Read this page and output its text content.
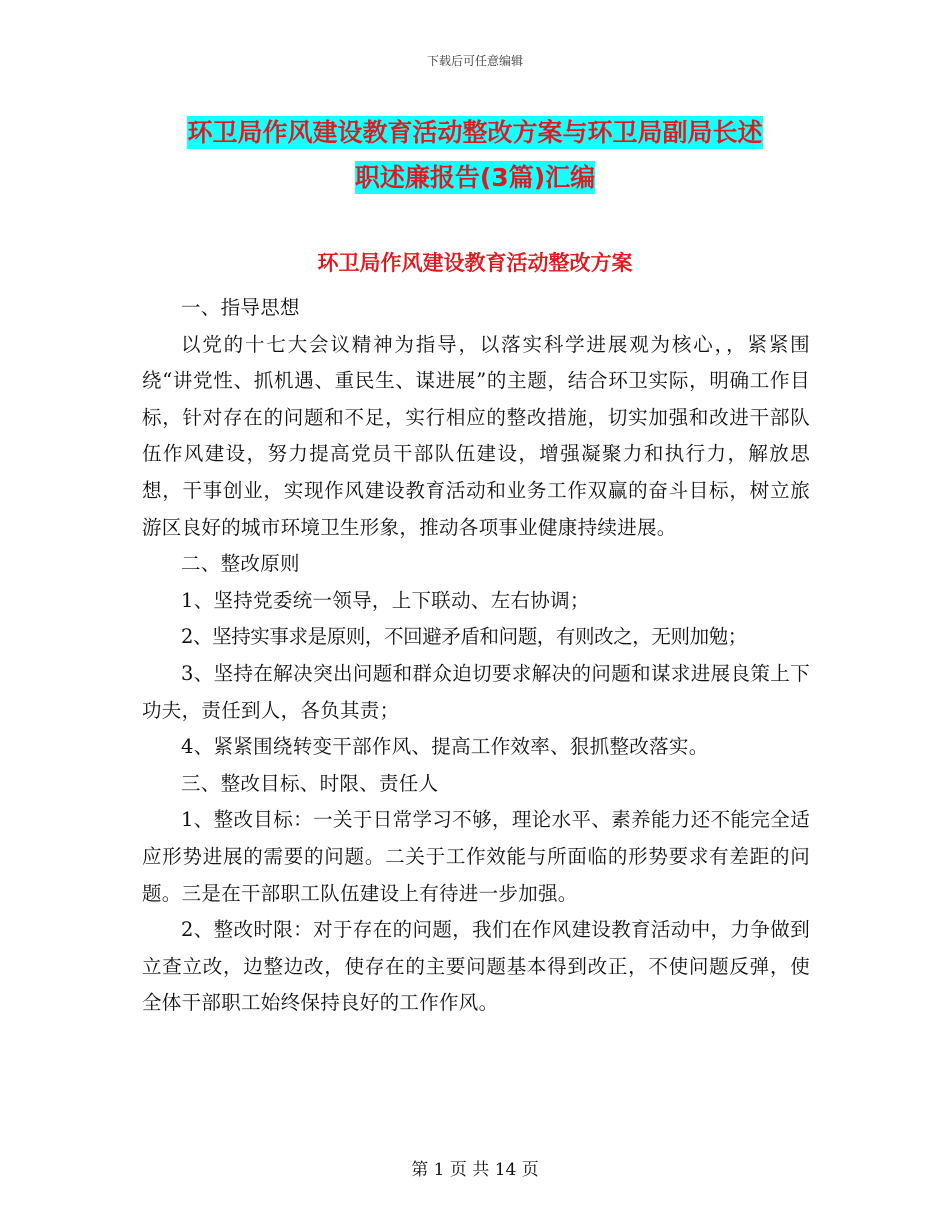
下载后可任意编辑
环卫局作风建设教育活动整改方案与环卫局副局长述
职述廉报告(3篇)汇编
环卫局作风建设教育活动整改方案

一、指导思想

以党的十七大会议精神为指导，以落实科学进展观为核心，，紧紧围绕“讲党性、抓机遇、重民生、谋进展”的主题，结合环卫实际，明确工作目标，针对存在的问题和不足，实行相应的整改措施，切实加强和改进干部队伍作风建设，努力提高党员干部队伍建设，增强凝聚力和执行力，解放思想，干事创业，实现作风建设教育活动和业务工作双赢的奋斗目标，树立旅游区良好的城市环境卫生形象，推动各项事业健康持续进展。

二、整改原则

1、坚持党委统一领导，上下联动、左右协调；

2、坚持实事求是原则，不回避矛盾和问题，有则改之，无则加勉；

3、坚持在解决突出问题和群众迫切要求解决的问题和谋求进展良策上下功夫，责任到人，各负其责；

4、紧紧围绕转变干部作风、提高工作效率、狠抓整改落实。

三、整改目标、时限、责任人

1、整改目标：一关于日常学习不够，理论水平、素养能力还不能完全适应形势进展的需要的问题。二关于工作效能与所面临的形势要求有差距的问题。三是在干部职工队伍建设上有待进一步加强。

2、整改时限：对于存在的问题，我们在作风建设教育活动中，力争做到立查立改，边整边改，使存在的主要问题基本得到改正，不使问题反弹，使全体干部职工始终保持良好的工作作风。

第 1 页 共 14 页
